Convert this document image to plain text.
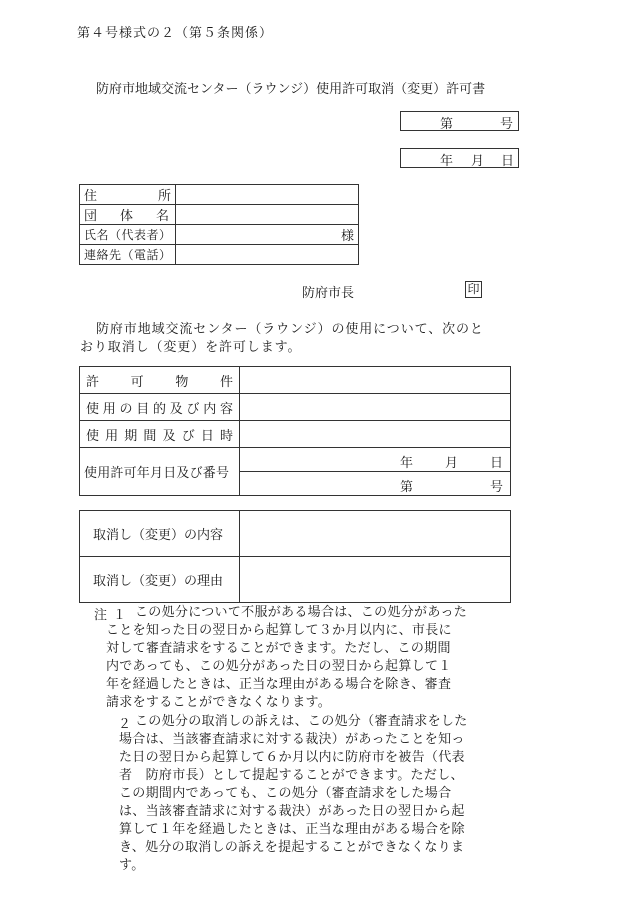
第４号様式の２（第５条関係）
防府市地域交流センター（ラウンジ）使用許可取消（変更）許可書
第	号
年 月 日
住　　所	

団　体　名	

氏名（代表者）	様

連絡先（電話）	

防府市長	印
防府市地域交流センター（ラウンジ）の使用について、次のと
おり取消し（変更）を許可します。
許　可　物　件	

使用の目的及び内容	

使用期間及び日時	

使用許可年月日及び番号	年 月 日

	第 号
取消し（変更）の内容	

取消し（変更）の理由	

注１ この処分について不服がある場合は、この処分があった
ことを知った日の翌日から起算して３か月以内に、市長に
対して審査請求をすることができます。ただし、この期間
内であっても、この処分があった日の翌日から起算して１
年を経過したときは、正当な理由がある場合を除き、審査
請求をすることができなくなります。
２ この処分の取消しの訴えは、この処分（審査請求をした
場合は、当該審査請求に対する裁決）があったことを知っ
た日の翌日から起算して６か月以内に防府市を被告（代表
者　防府市長）として提起することができます。ただし、
この期間内であっても、この処分（審査請求をした場合
は、当該審査請求に対する裁決）があった日の翌日から起
算して１年を経過したときは、正当な理由がある場合を除
き、処分の取消しの訴えを提起することができなくなりま
す。
